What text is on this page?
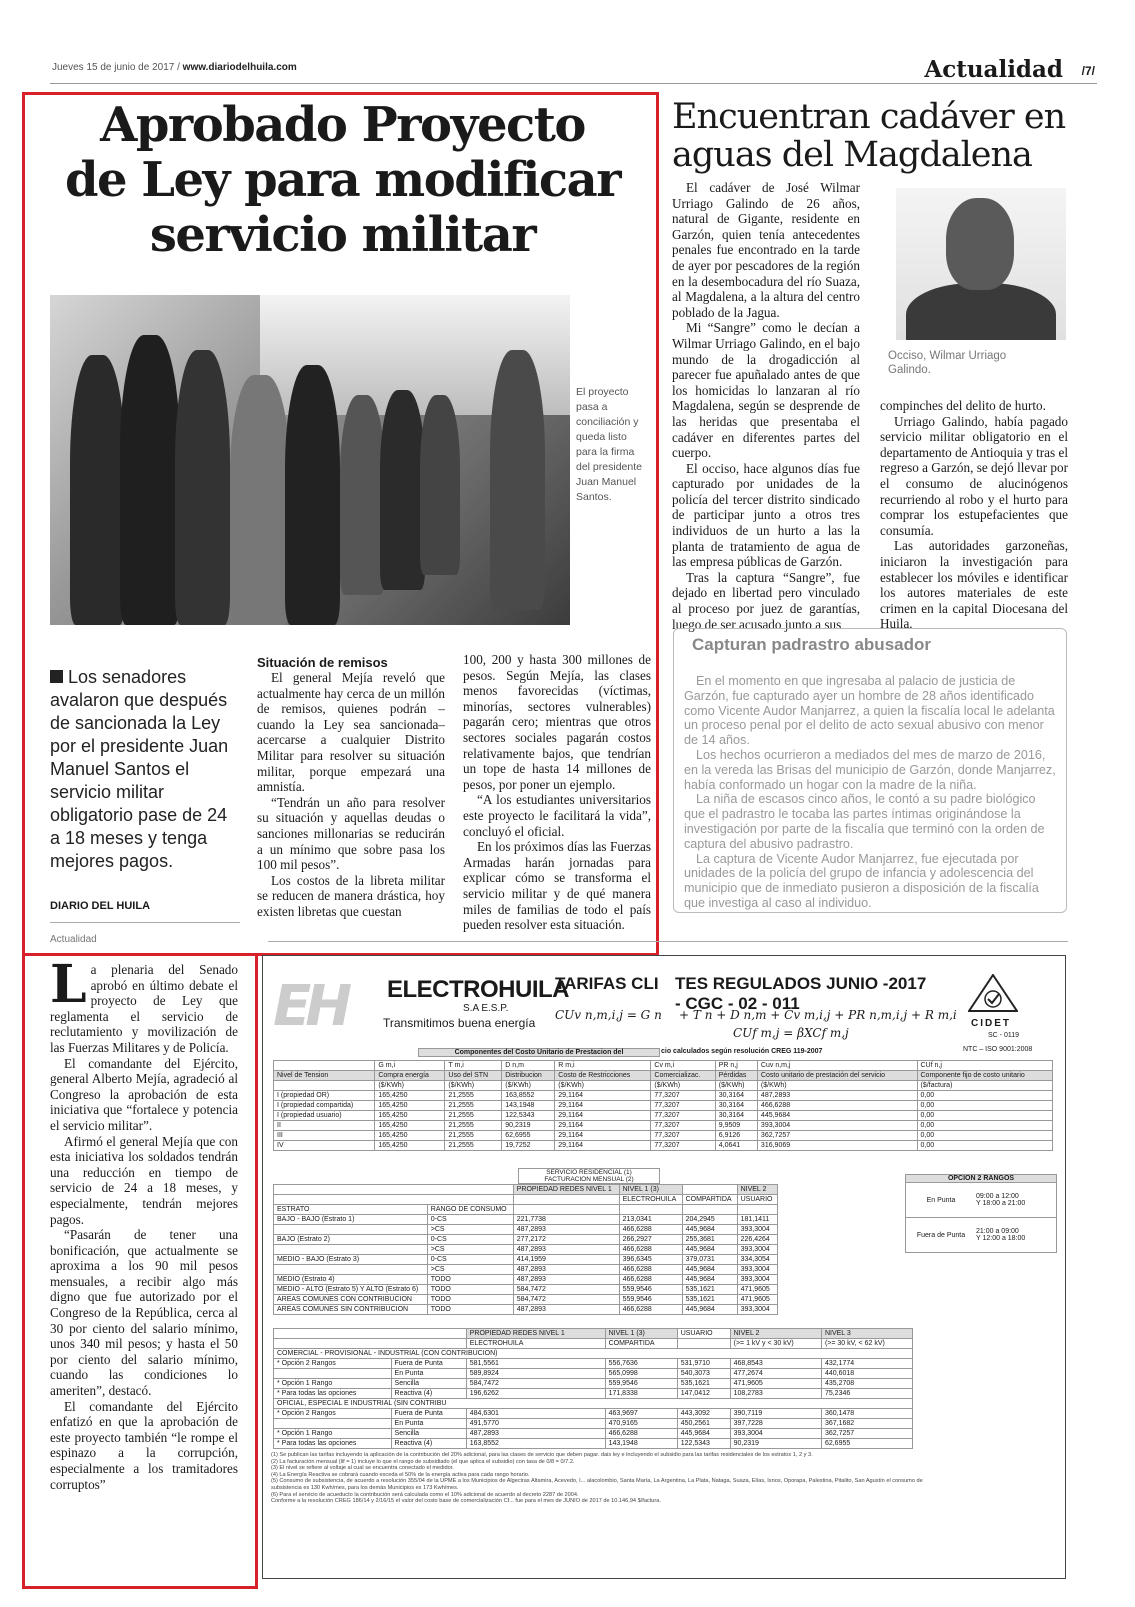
Jueves 15 de junio de 2017 / www.diariodelhuila.com	Actualidad /7/
Aprobado Proyecto
de Ley para modificar
servicio militar
El proyecto pasa a conciliación y queda listo para la firma del presidente Juan Manuel Santos.
Los senadores avalaron que después de sancionada la Ley por el presidente Juan Manuel Santos el servicio militar obligatorio pase de 24 a 18 meses y tenga mejores pagos.
DIARIO DEL HUILA
Actualidad

La plenaria del Senado aprobó en último debate el proyecto de Ley que reglamenta el servicio de reclutamiento y movilización de las Fuerzas Militares y de Policía.

El comandante del Ejército, general Alberto Mejía, agradeció al Congreso la aprobación de esta iniciativa que “fortalece y potencia el servicio militar”.

Afirmó el general Mejía que con esta iniciativa los soldados tendrán una reducción en tiempo de servicio de 24 a 18 meses, y especialmente, tendrán mejores pagos.

“Pasarán de tener una bonificación, que actualmente se aproxima a los 90 mil pesos mensuales, a recibir algo más digno que fue autorizado por el Congreso de la República, cerca al 30 por ciento del salario mínimo, unos 340 mil pesos; y hasta el 50 por ciento del salario mínimo, cuando las condiciones lo ameriten”, destacó.

El comandante del Ejército enfatizó en que la aprobación de este proyecto también “le rompe el espinazo a la corrupción, especialmente a los tramitadores corruptos”

Situación de remisos

El general Mejía reveló que actualmente hay cerca de un millón de remisos, quienes podrán –cuando la Ley sea sancionada– acercarse a cualquier Distrito Militar para resolver su situación militar, porque empezará una amnistía.

“Tendrán un año para resolver su situación y aquellas deudas o sanciones millonarias se reducirán a un mínimo que sobre pasa los 100 mil pesos”.

Los costos de la libreta militar se reducen de manera drástica, hoy existen libretas que cuestan

100, 200 y hasta 300 millones de pesos. Según Mejía, las clases menos favorecidas (víctimas, minorías, sectores vulnerables) pagarán cero; mientras que otros sectores sociales pagarán costos relativamente bajos, que tendrían un tope de hasta 14 millones de pesos, por poner un ejemplo.

“A los estudiantes universitarios este proyecto le facilitará la vida”, concluyó el oficial.

En los próximos días las Fuerzas Armadas harán jornadas para explicar cómo se transforma el servicio militar y de qué manera miles de familias de todo el país pueden resolver esta situación.

Encuentran cadáver en
aguas del Magdalena

El cadáver de José Wilmar Urriago Galindo de 26 años, natural de Gigante, residente en Garzón, quien tenía antecedentes penales fue encontrado en la tarde de ayer por pescadores de la región en la desembocadura del río Suaza, al Magdalena, a la altura del centro poblado de la Jagua.

Mi “Sangre” como le decían a Wilmar Urriago Galindo, en el bajo mundo de la drogadicción al parecer fue apuñalado antes de que los homicidas lo lanzaran al río Magdalena, según se desprende de las heridas que presentaba el cadáver en diferentes partes del cuerpo.

El occiso, hace algunos días fue capturado por unidades de la policía del tercer distrito sindicado de participar junto a otros tres individuos de un hurto a las la planta de tratamiento de agua de las empresa públicas de Garzón.

Tras la captura “Sangre”, fue dejado en libertad pero vinculado al proceso por juez de garantías, luego de ser acusado junto a sus

Occiso, Wilmar Urriago Galindo.

compinches del delito de hurto.

Urriago Galindo, había pagado servicio militar obligatorio en el departamento de Antioquia y tras el regreso a Garzón, se dejó llevar por el consumo de alucinógenos recurriendo al robo y el hurto para comprar los estupefacientes que consumía.

Las autoridades garzoneñas, iniciaron la investigación para establecer los móviles e identificar los autores materiales de este crimen en la capital Diocesana del Huila.

Capturan padrastro abusador

En el momento en que ingresaba al palacio de justicia de Garzón, fue capturado ayer un hombre de 28 años identificado como Vicente Audor Manjarrez, a quien la fiscalía local le adelanta un proceso penal por el delito de acto sexual abusivo con menor de 14 años.

Los hechos ocurrieron a mediados del mes de marzo de 2016, en la vereda las Brisas del municipio de Garzón, donde Manjarrez, había conformado un hogar con la madre de la niña.

La niña de escasos cinco años, le contó a su padre biológico que el padrastro le tocaba las partes íntimas originándose la investigación por parte de la fiscalía que terminó con la orden de captura del abusivo padrastro.

La captura de Vicente Audor Manjarrez, fue ejecutada por unidades de la policía del grupo de infancia y adolescencia del municipio que de inmediato pusieron a disposición de la fiscalía que investiga al caso al individuo.

EH ELECTROHUILA
S.A E.S.P.
Transmitimos buena energía
TARIFAS CLI TES REGULADOS JUNIO -2017
- CGC - 02 - 011
CUv n,m,i,j = G n + T n + D n,m + Cv m,i,j + PR n,m,i,j + R m,i
CUf m,j = βXCf m,j
CIDET
SC - 0119
NTC – ISO 9001:2008
Componentes del Costo Unitario de Prestacion del	cio calculados según resolución CREG 119-2007
	G m,i	T m,i	D n,m	R m,i	Cv m,i	PR n,j	Cuv n,m,j	CUf n,j
Nivel de Tension	Compra energía	Uso del STN	Distribucion	Costo de Restricciones	Comercializac.	Pérdidas	Costo unitario de prestación del servicio	Componente fijo de costo unitario
	($/KWh)	($/KWh)	($/KWh)	($/KWh)	($/KWh)	($/KWh)	($/KWh)	($/factura)
I (propiedad OR)	165,4250	21,2555	163,8552	29,1164	77,3207	30,3164	487,2893	0,00
I (propiedad compartida)	165,4250	21,2555	143,1948	29,1164	77,3207	30,3164	466,6288	0,00
I (propiedad usuario)	165,4250	21,2555	122,5343	29,1164	77,3207	30,3164	445,9684	0,00
II	165,4250	21,2555	90,2319	29,1164	77,3207	9,9509	393,3004	0,00
III	165,4250	21,2555	62,6955	29,1164	77,3207	6,9126	362,7257	0,00
IV	165,4250	21,2555	19,7252	29,1164	77,3207	4,0641	316,9069	0,00
SERVICIO RESIDENCIAL (1)
FACTURACION MENSUAL (2)
		PROPIEDAD REDES NIVEL 1	NIVEL 1 (3)		NIVEL 2
			ELECTROHUILA	COMPARTIDA	USUARIO
ESTRATO	RANGO DE CONSUMO				
BAJO - BAJO (Estrato 1)	0-CS	221,7738	213,0341	204,2945	181,1411
	>CS	487,2893	466,6288	445,9684	393,3004
BAJO (Estrato 2)	0-CS	277,2172	266,2927	255,3681	226,4264
	>CS	487,2893	466,6288	445,9684	393,3004
MEDIO - BAJO (Estrato 3)	0-CS	414,1959	396,6345	379,0731	334,3054
	>CS	487,2893	466,6288	445,9684	393,3004
MEDIO (Estrato 4)	TODO	487,2893	466,6288	445,9684	393,3004
MEDIO - ALTO (Estrato 5) Y ALTO (Estrato 6)	TODO	584,7472	559,9546	535,1621	471,9605
AREAS COMUNES CON CONTRIBUCION	TODO	584,7472	559,9546	535,1621	471,9605
AREAS COMUNES SIN CONTRIBUCION	TODO	487,2893	466,6288	445,9684	393,3004
OPCION 2 RANGOS
En Punta	09:00 a 12:00
Y 18:00 a 21:00
Fuera de Punta	21:00 a 09:00
Y 12:00 a 18:00
		PROPIEDAD REDES NIVEL 1	NIVEL 1 (3)	USUARIO	NIVEL 2	NIVEL 3
		ELECTROHUILA	COMPARTIDA		(>= 1 kV y < 30 kV)	(>= 30 kV, < 62 kV)
COMERCIAL - PROVISIONAL - INDUSTRIAL (CON CONTRIBUCION)						
* Opción 2 Rangos	Fuera de Punta	581,5561	556,7636	531,9710	468,8543	432,1774
	En Punta	589,8924	565,0998	540,3073	477,2674	440,6018
* Opción 1 Rango	Sencilla	584,7472	559,9546	535,1621	471,9605	435,2708
* Para todas las opciones	Reactiva (4)	196,6262	171,8338	147,0412	108,2783	75,2346
OFICIAL, ESPECIAL E INDUSTRIAL (SIN CONTRIBU						
* Opción 2 Rangos	Fuera de Punta	484,6301	463,9697	443,3092	390,7119	360,1478
	En Punta	491,5770	470,9165	450,2561	397,7228	367,1682
* Opción 1 Rango	Sencilla	487,2893	466,6288	445,9684	393,3004	362,7257
* Para todas las opciones	Reactiva (4)	163,8552	143,1948	122,5343	90,2319	62,6955
(1) Se publican las tarifas incluyendo la aplicación de la contribución del 20% adicional, para las clases de servicio que deben pagar. dais ley e incluyendo el subsidio para las tarifas residenciales de los estratos 1, 2 y 3.
(2) La facturación mensual (lif = 1) incluye lo que el rango de subsidiado (el que aplica el subsidio) con tasa de 0/8 = 0/7.2.
(3) El nivel se refiere al voltaje al cual se encuentra conectado el medidor.
(4) La Energía Reactiva se cobrará cuando exceda el 50% de la energía activa para cada rango horario.
(5) Consumo de subsistencia, de acuerdo a resolución 355/04 de la UPME a los Municipios de Algeciras Altamira, Acevedo, I... alacolombio, Santa María, La Argentina, La Plata, Nataga, Suaza, Elías, Isnos, Oporapa, Palestina, Pitalito, San Agustín el consumo de
subsistencia es 130 Kwh/mes, para los demás Municipios es 173 Kwh/mes.
(6) Para el servicio de acueducto la contribución será calculada como el 10% adicional de acuerdo al decreto 2287 de 2004.
Conforme a la resolución CREG 186/14 y 2/16/15 el valor del costo base de comercialización Cf... fue para el mes de JUNIO de 2017 de 10.146,94 $/factura.
